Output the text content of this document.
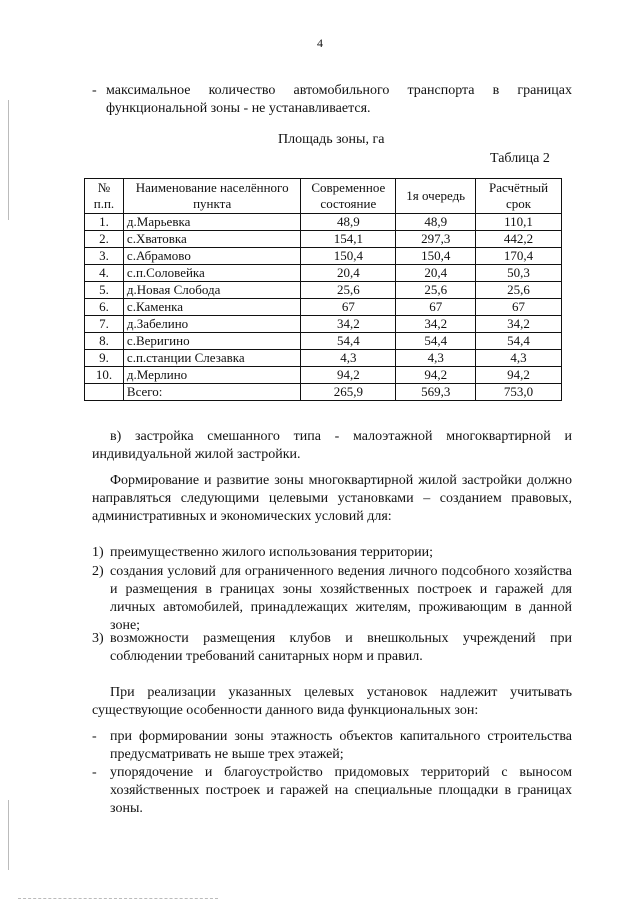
4
- максимальное количество автомобильного транспорта в границах функциональной зоны - не устанавливается.
Площадь зоны, га
Таблица 2
№ п.п.	Наименование населённого пункта	Современное состояние	1я очередь	Расчётный срок
1.	д.Марьевка	48,9	48,9	110,1
2.	с.Хватовка	154,1	297,3	442,2
3.	с.Абрамово	150,4	150,4	170,4
4.	с.п.Соловейка	20,4	20,4	50,3
5.	д.Новая Слобода	25,6	25,6	25,6
6.	с.Каменка	67	67	67
7.	д.Забелино	34,2	34,2	34,2
8.	с.Веригино	54,4	54,4	54,4
9.	с.п.станции Слезавка	4,3	4,3	4,3
10.	д.Мерлино	94,2	94,2	94,2
	Всего:	265,9	569,3	753,0
в) застройка смешанного типа - малоэтажной многоквартирной и индивидуальной жилой застройки.
Формирование и развитие зоны многоквартирной жилой застройки должно направляться следующими целевыми установками – созданием правовых, административных и экономических условий для:
1) преимущественно жилого использования территории;
2) создания условий для ограниченного ведения личного подсобного хозяйства и размещения в границах зоны хозяйственных построек и гаражей для личных автомобилей, принадлежащих жителям, проживающим в данной зоне;
3) возможности размещения клубов и внешкольных учреждений при соблюдении требований санитарных норм и правил.
При реализации указанных целевых установок надлежит учитывать существующие особенности данного вида функциональных зон:
- при формировании зоны этажность объектов капитального строительства предусматривать не выше трех этажей;
- упорядочение и благоустройство придомовых территорий с выносом хозяйственных построек и гаражей на специальные площадки в границах зоны.
